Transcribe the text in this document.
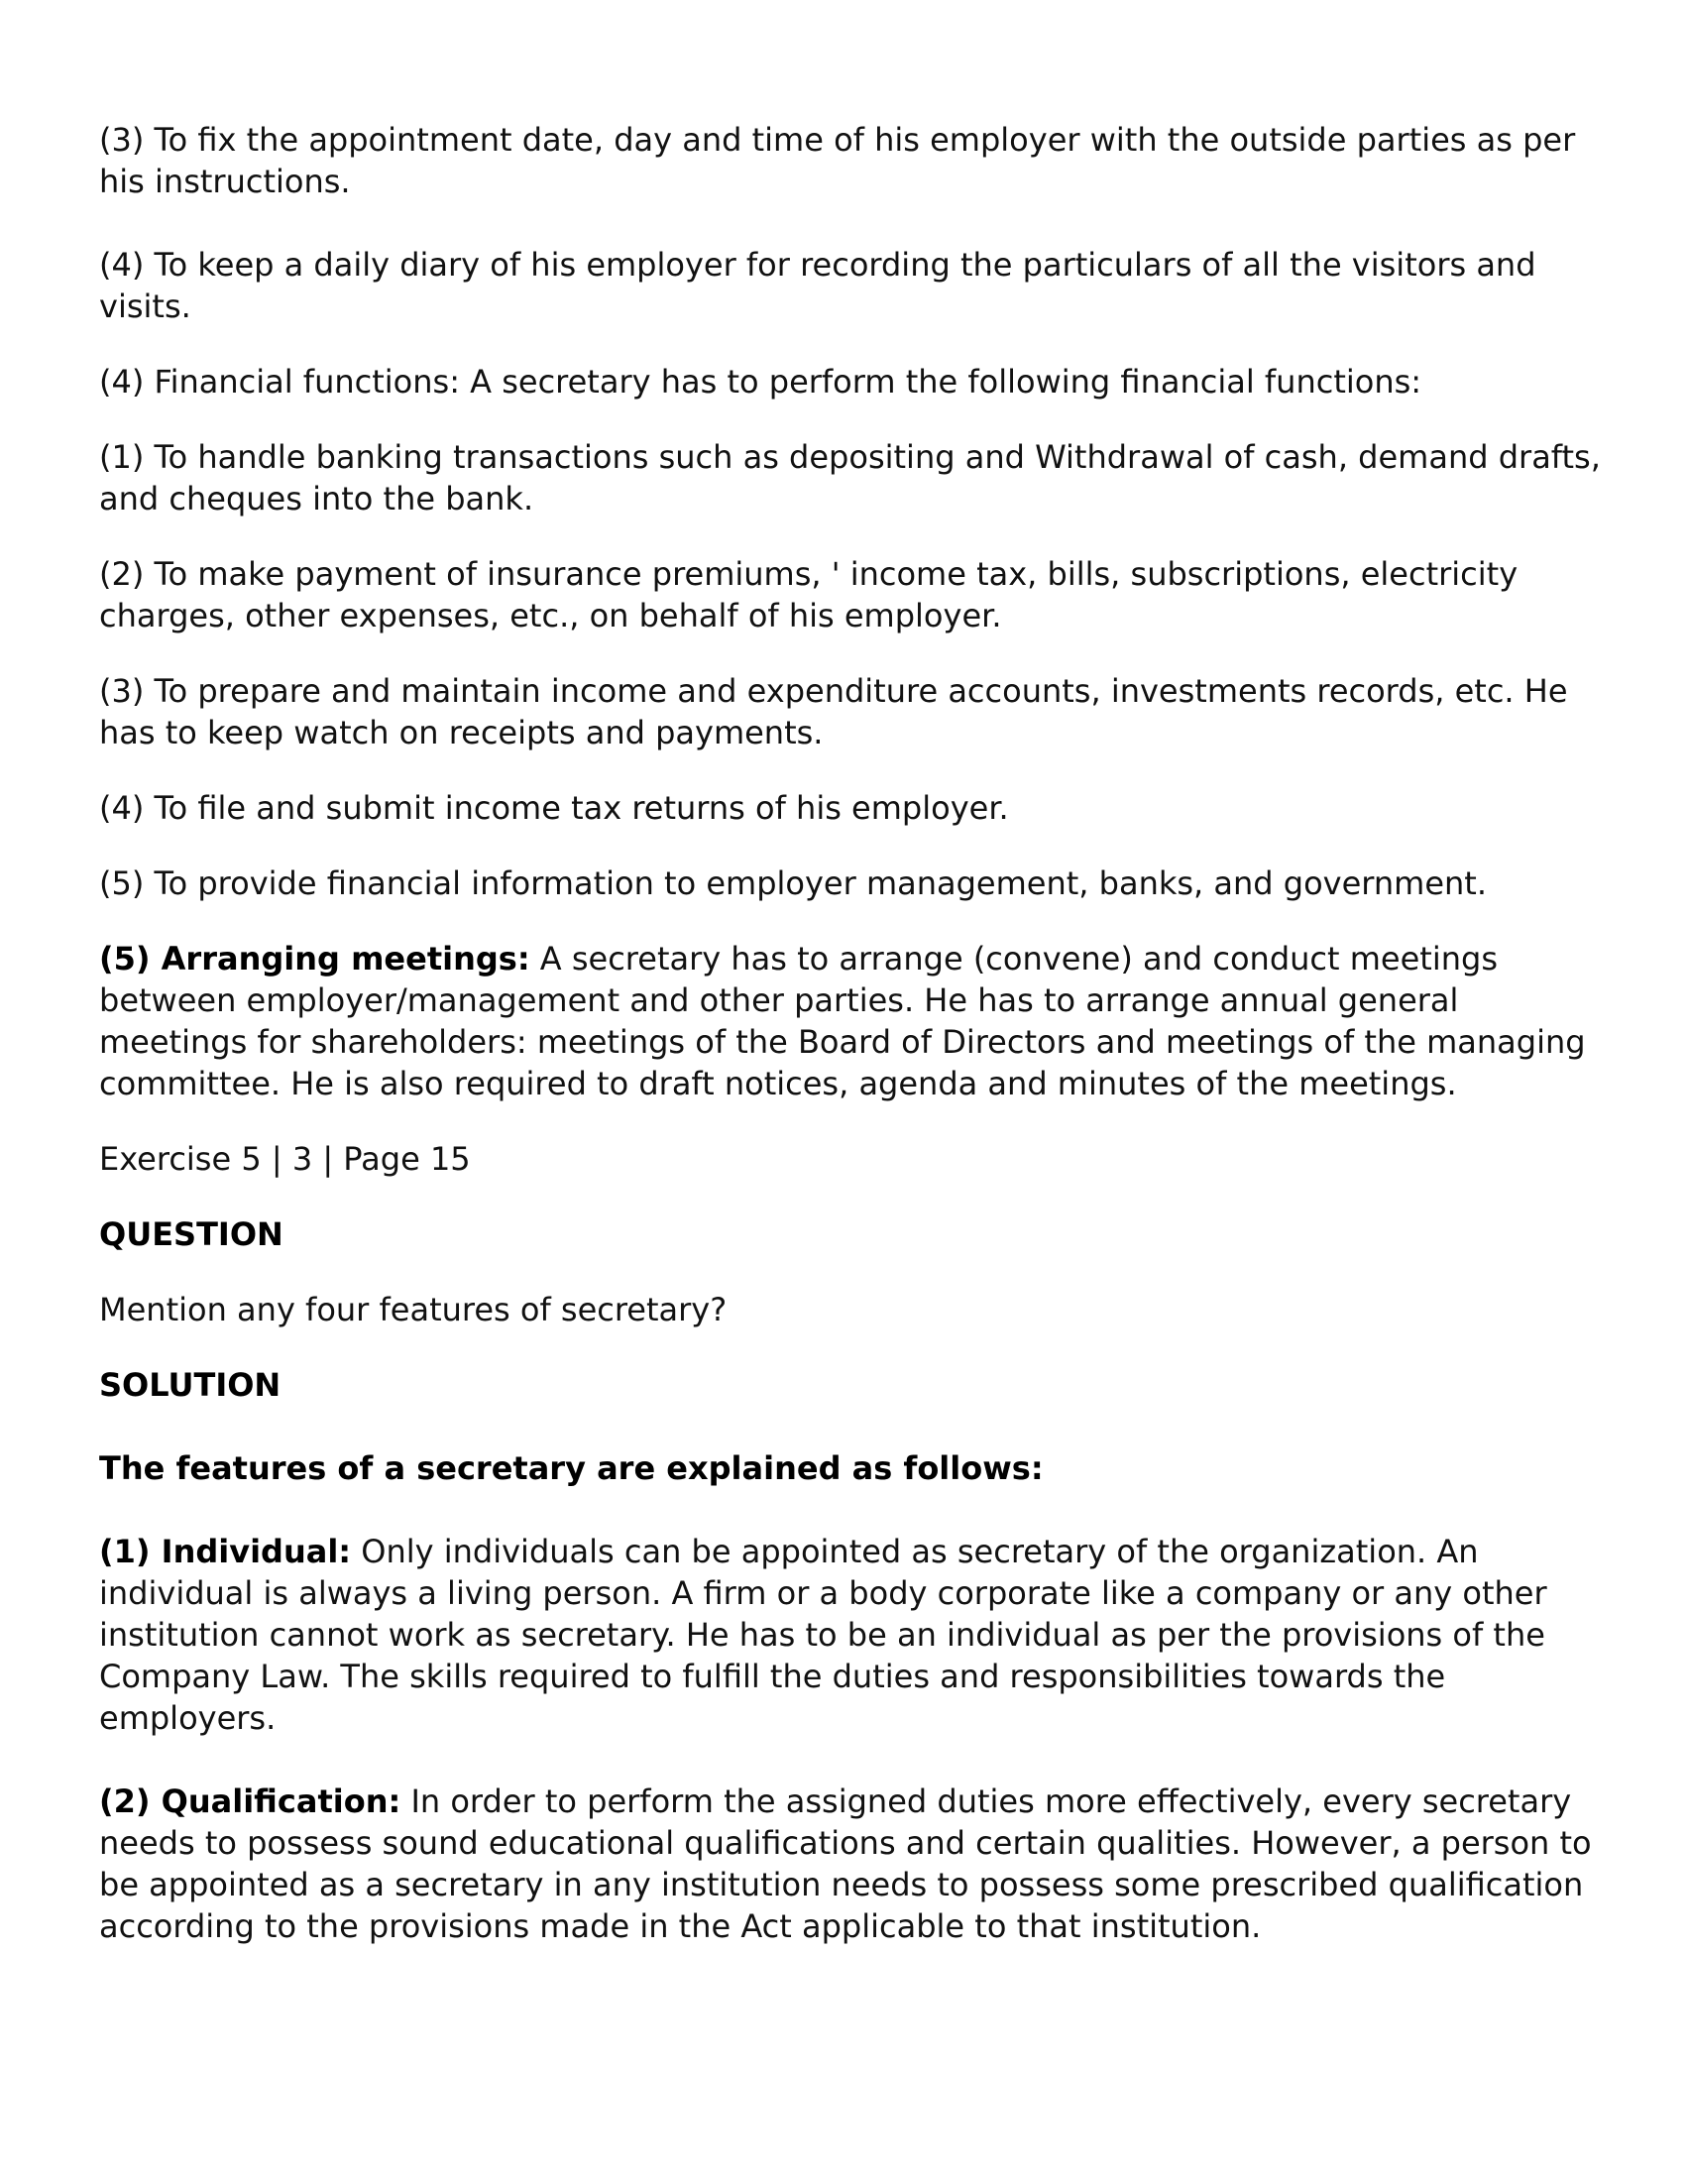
(3) To fix the appointment date, day and time of his employer with the outside parties as per his instructions.

(4) To keep a daily diary of his employer for recording the particulars of all the visitors and visits.

(4) Financial functions: A secretary has to perform the following financial functions:

(1) To handle banking transactions such as depositing and Withdrawal of cash, demand drafts, and cheques into the bank.

(2) To make payment of insurance premiums, ' income tax, bills, subscriptions, electricity charges, other expenses, etc., on behalf of his employer.

(3) To prepare and maintain income and expenditure accounts, investments records, etc. He has to keep watch on receipts and payments.

(4) To file and submit income tax returns of his employer.

(5) To provide financial information to employer management, banks, and government.

(5) Arranging meetings: A secretary has to arrange (convene) and conduct meetings between employer/management and other parties. He has to arrange annual general meetings for shareholders: meetings of the Board of Directors and meetings of the managing committee. He is also required to draft notices, agenda and minutes of the meetings.

Exercise 5 | 3 | Page 15

QUESTION

Mention any four features of secretary?

SOLUTION

The features of a secretary are explained as follows:

(1) Individual: Only individuals can be appointed as secretary of the organization. An individual is always a living person. A firm or a body corporate like a company or any other institution cannot work as secretary. He has to be an individual as per the provisions of the Company Law. The skills required to fulfill the duties and responsibilities towards the employers.

(2) Qualification: In order to perform the assigned duties more effectively, every secretary needs to possess sound educational qualifications and certain qualities. However, a person to be appointed as a secretary in any institution needs to possess some prescribed qualification according to the provisions made in the Act applicable to that institution.
